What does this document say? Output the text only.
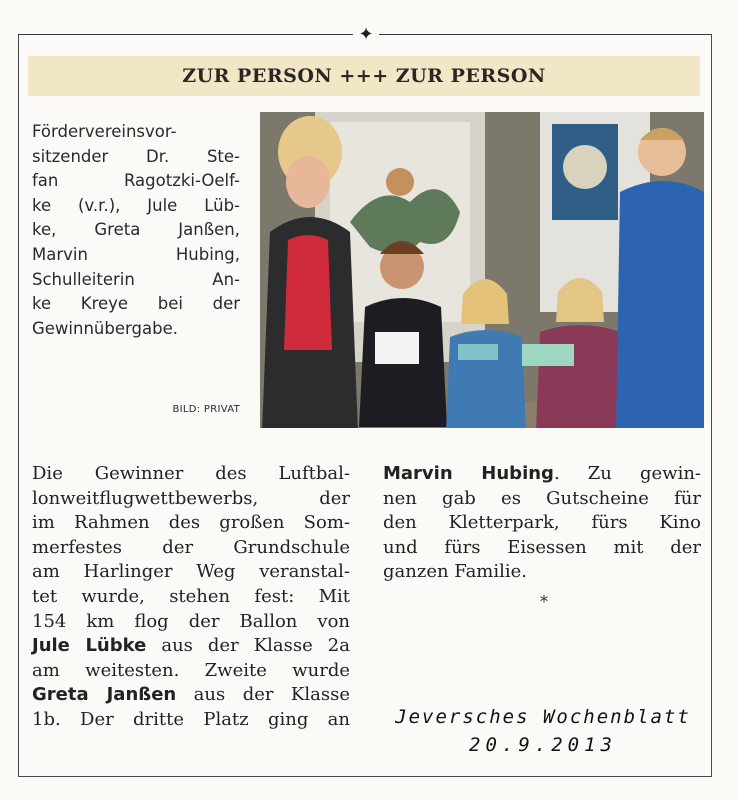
✦
ZUR PERSON +++ ZUR PERSON
Fördervereinsvor-
sitzender Dr. Ste-
fan Ragotzki-Oelf-
ke (v.r.), Jule Lüb-
ke, Greta Janßen,
Marvin Hubing,
Schulleiterin An-
ke Kreye bei der
Gewinnübergabe.
BILD: PRIVAT
Die Gewinner des Luftbal-
lonweitflugwettbewerbs, der
im Rahmen des großen Som-
merfestes der Grundschule
am Harlinger Weg veranstal-
tet wurde, stehen fest: Mit
154 km flog der Ballon von
Jule Lübke aus der Klasse 2a
am weitesten. Zweite wurde
Greta Janßen aus der Klasse
1b. Der dritte Platz ging an
Marvin Hubing. Zu gewin-
nen gab es Gutscheine für
den Kletterpark, fürs Kino
und fürs Eisessen mit der
ganzen Familie.
*
Jeversches Wochenblatt
20.9.2013
